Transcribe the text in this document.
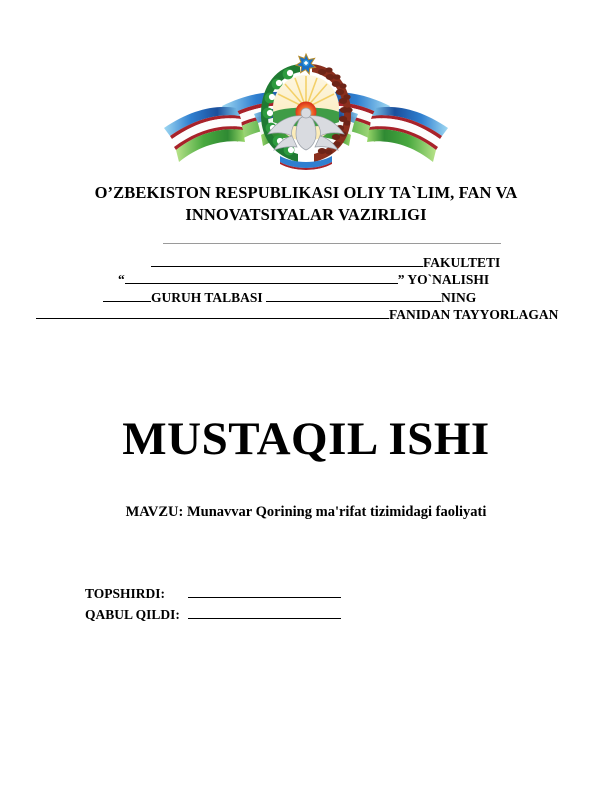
O’ZBEKISTON RESPUBLIKASI OLIY TA`LIM, FAN VA
INNOVATSIYALAR VAZIRLIGI
FAKULTETI
“	” YO`NALISHI
GURUH TALBASI	NING
FANIDAN TAYYORLAGAN
MUSTAQIL ISHI
MAVZU: Munavvar Qorining ma'rifat tizimidagi faoliyati
TOPSHIRDI:
QABUL QILDI:
